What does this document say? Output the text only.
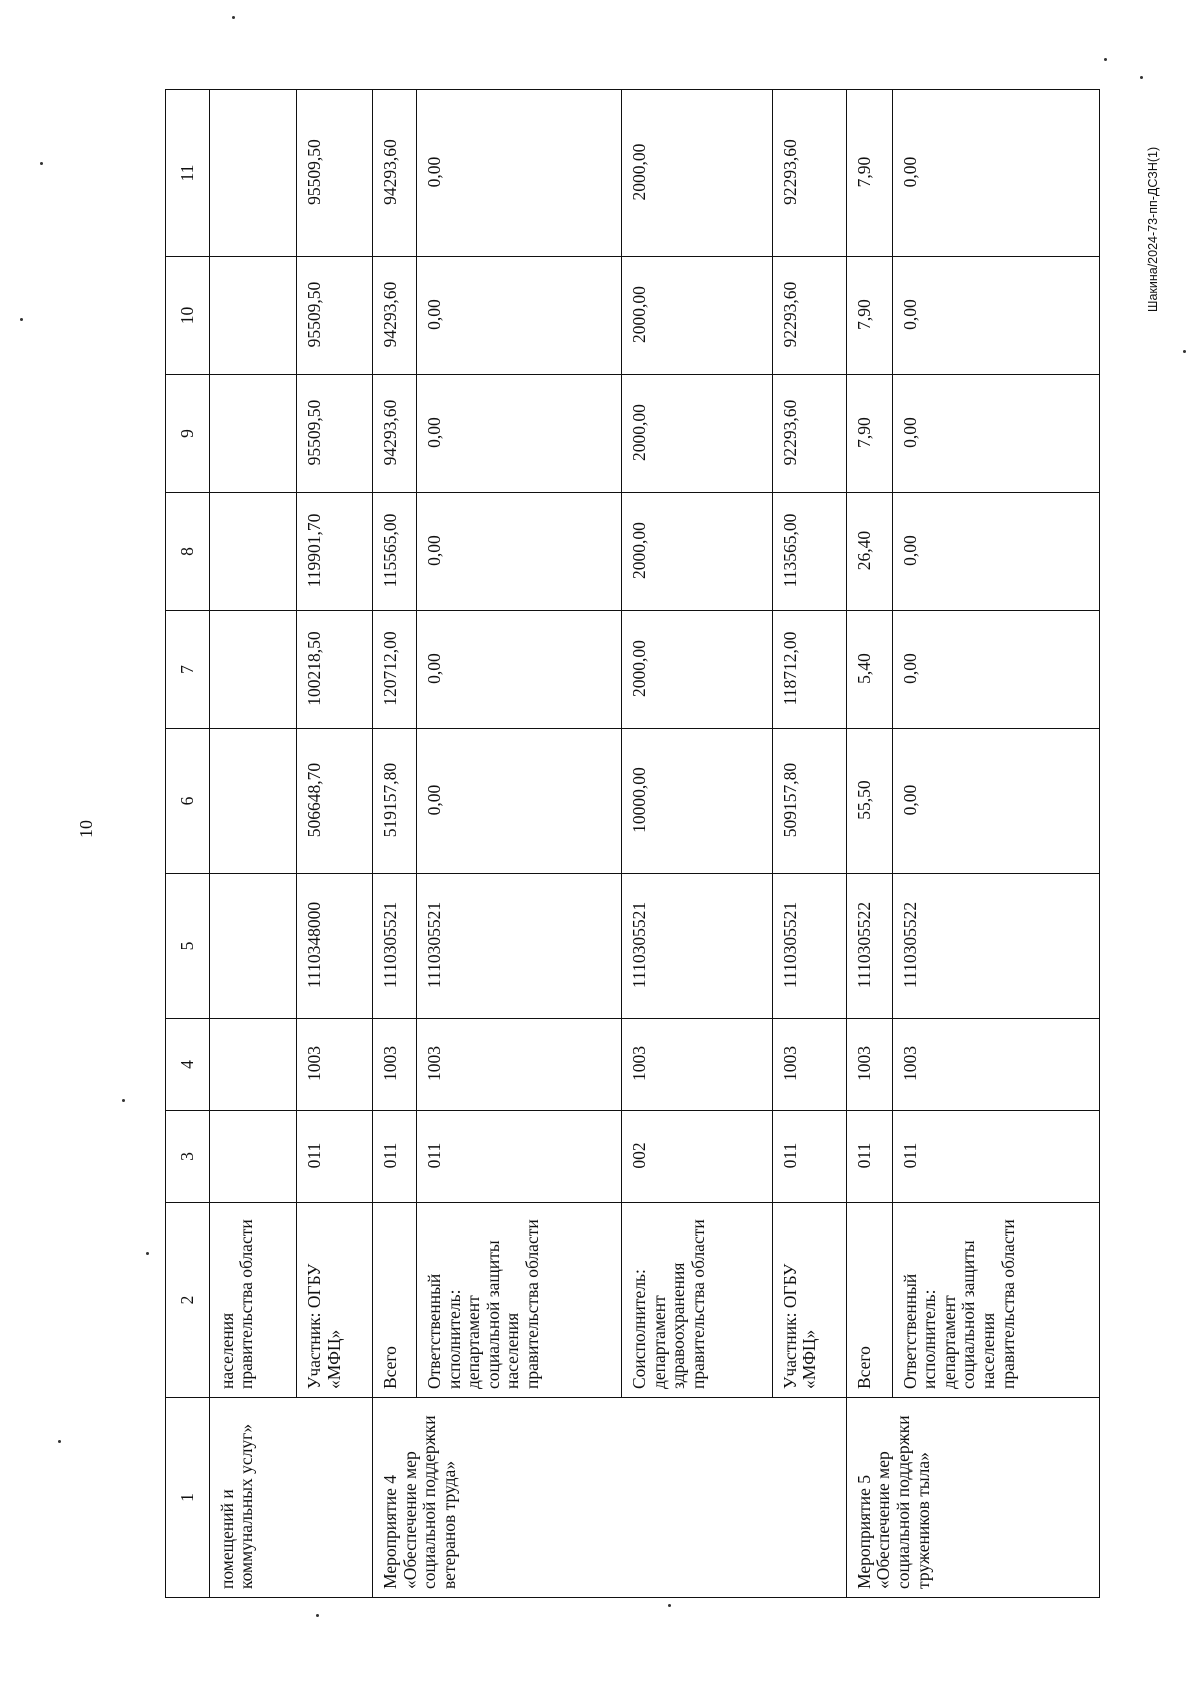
10
Шакина/2024-73-пп-ДСЗН(1)
1	2	3	4	5	6	7	8	9	10	11
помещений и коммунальных услуг»	населения правительства области									
	Участник: ОГБУ «МФЦ»	011	1003	1110348000	506648,70	100218,50	119901,70	95509,50	95509,50	95509,50
Мероприятие 4 «Обеспечение мер социальной поддержки ветеранов труда»	Всего	011	1003	1110305521	519157,80	120712,00	115565,00	94293,60	94293,60	94293,60
	Ответственный исполнитель: департамент социальной защиты населения правительства области	011	1003	1110305521	0,00	0,00	0,00	0,00	0,00	0,00
	Соисполнитель: департамент здравоохранения правительства области	002	1003	1110305521	10000,00	2000,00	2000,00	2000,00	2000,00	2000,00
	Участник: ОГБУ «МФЦ»	011	1003	1110305521	509157,80	118712,00	113565,00	92293,60	92293,60	92293,60
Мероприятие 5 «Обеспечение мер социальной поддержки тружеников тыла»	Всего	011	1003	1110305522	55,50	5,40	26,40	7,90	7,90	7,90
	Ответственный исполнитель: департамент социальной защиты населения правительства области	011	1003	1110305522	0,00	0,00	0,00	0,00	0,00	0,00
